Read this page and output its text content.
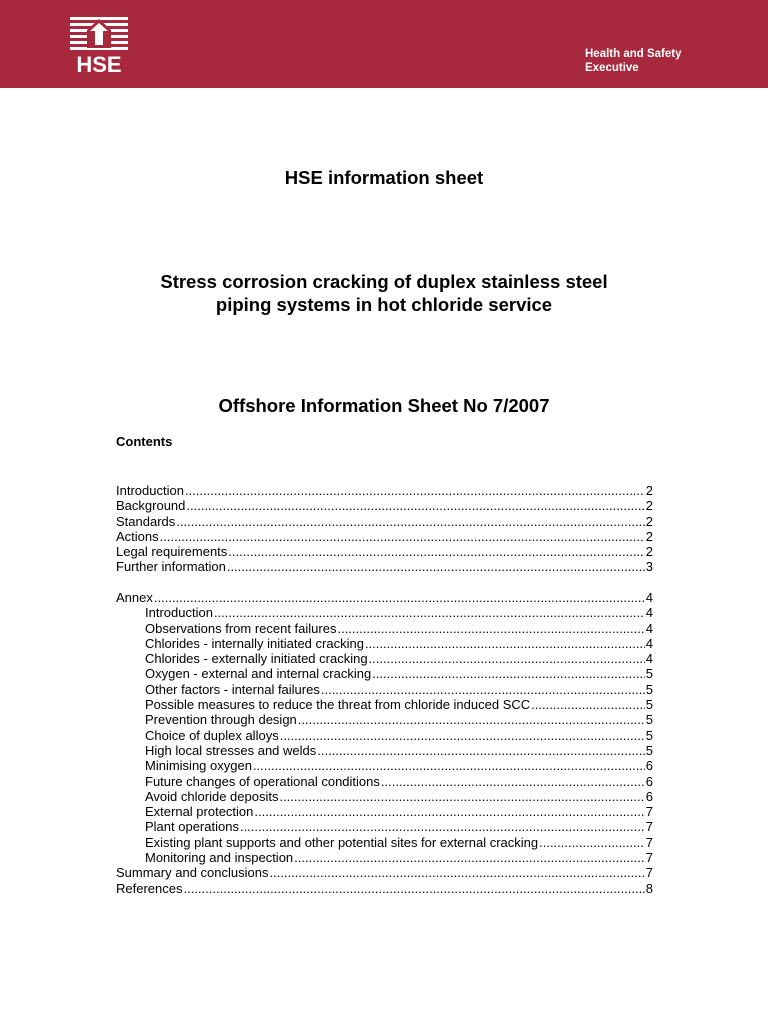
HSE	Health and Safety
Executive
HSE information sheet
Stress corrosion cracking of duplex stainless steel
piping systems in hot chloride service
Offshore Information Sheet No 7/2007
Contents
Introduction .....	2
Background .....	2
Standards .....	2
Actions .....	2
Legal requirements .....	2
Further information .....	3
Annex .....	4
Introduction .....	4
Observations from recent failures .....	4
Chlorides - internally initiated cracking .....	4
Chlorides - externally initiated cracking .....	4
Oxygen - external and internal cracking .....	5
Other factors - internal failures .....	5
Possible measures to reduce the threat from chloride induced SCC .....	5
Prevention through design .....	5
Choice of duplex alloys .....	5
High local stresses and welds .....	5
Minimising oxygen .....	6
Future changes of operational conditions .....	6
Avoid chloride deposits .....	6
External protection .....	7
Plant operations .....	7
Existing plant supports and other potential sites for external cracking .....	7
Monitoring and inspection .....	7
Summary and conclusions .....	7
References .....	8
